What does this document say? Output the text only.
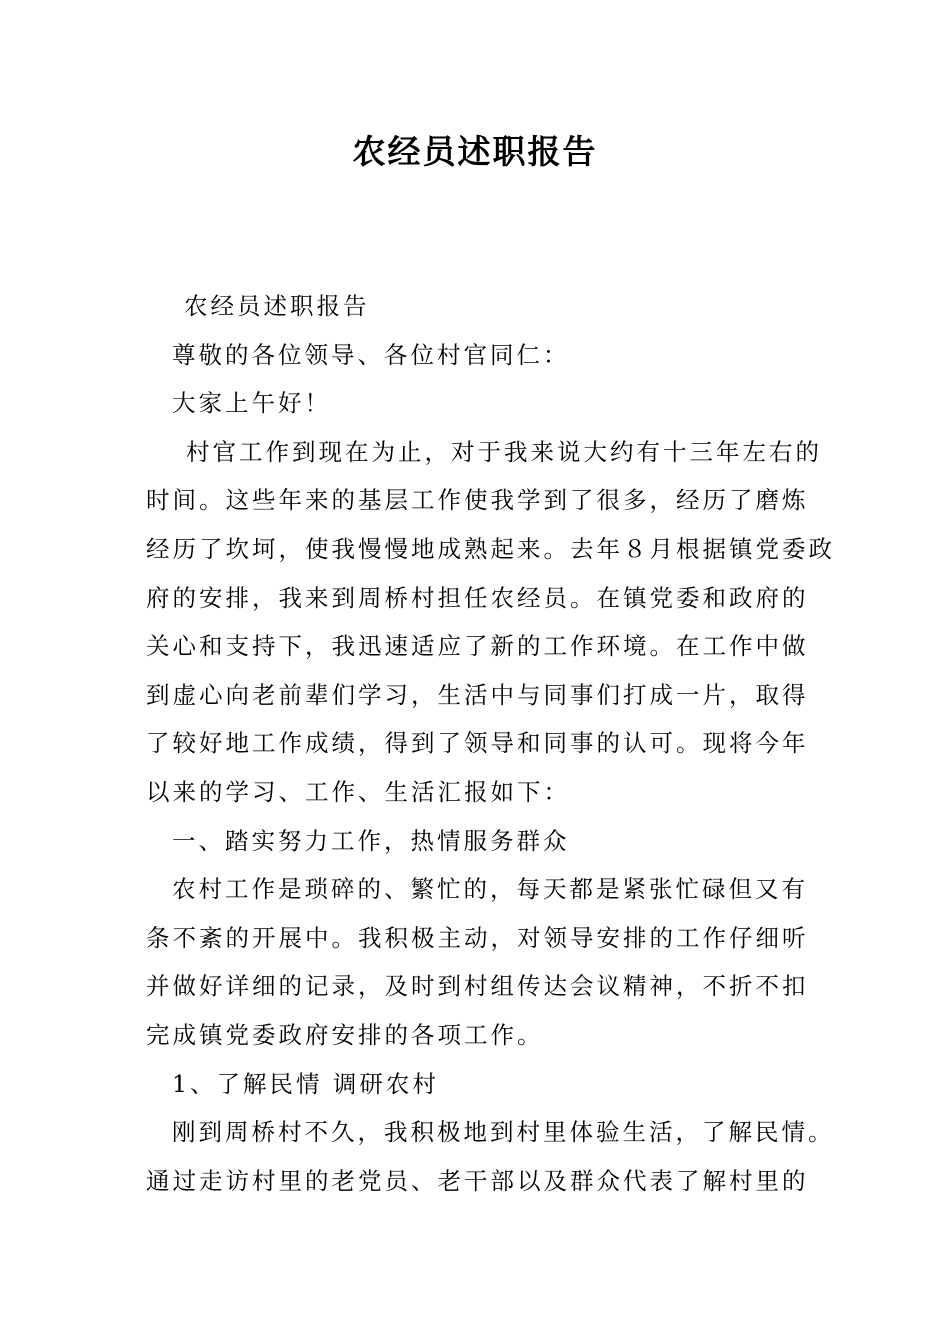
农经员述职报告
农经员述职报告
尊敬的各位领导、各位村官同仁：
大家上午好！
村官工作到现在为止，对于我来说大约有十三年左右的
时间。这些年来的基层工作使我学到了很多，经历了磨炼
经历了坎坷，使我慢慢地成熟起来。去年８月根据镇党委政
府的安排，我来到周桥村担任农经员。在镇党委和政府的
关心和支持下，我迅速适应了新的工作环境。在工作中做
到虚心向老前辈们学习，生活中与同事们打成一片，取得
了较好地工作成绩，得到了领导和同事的认可。现将今年
以来的学习、工作、生活汇报如下：
一、踏实努力工作，热情服务群众
农村工作是琐碎的、繁忙的，每天都是紧张忙碌但又有
条不紊的开展中。我积极主动，对领导安排的工作仔细听
并做好详细的记录，及时到村组传达会议精神，不折不扣
完成镇党委政府安排的各项工作。
1、了解民情 调研农村
刚到周桥村不久，我积极地到村里体验生活，了解民情。
通过走访村里的老党员、老干部以及群众代表了解村里的
